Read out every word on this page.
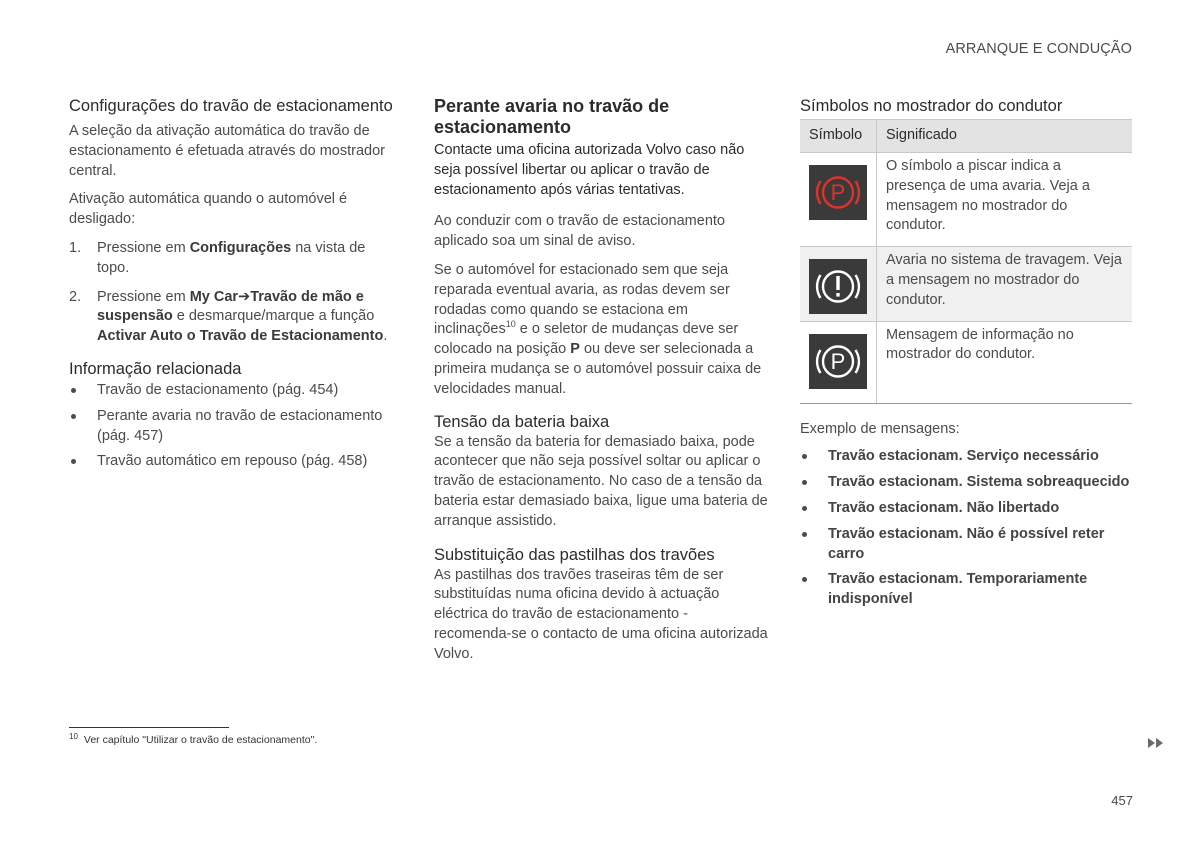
ARRANQUE E CONDUÇÃO
Configurações do travão de estacionamento

A seleção da ativação automática do travão de estacionamento é efetuada através do mostrador central.

Ativação automática quando o automóvel é desligado:

1. Pressione em Configurações na vista de topo.
2. Pressione em My Car➔Travão de mão e suspensão e desmarque/marque a função Activar Auto o Travão de Estacionamento.
Informação relacionada
Travão de estacionamento (pág. 454)
Perante avaria no travão de estacionamento (pág. 457)
Travão automático em repouso (pág. 458)
Perante avaria no travão de estacionamento

Contacte uma oficina autorizada Volvo caso não seja possível libertar ou aplicar o travão de estacionamento após várias tentativas.

Ao conduzir com o travão de estacionamento aplicado soa um sinal de aviso.

Se o automóvel for estacionado sem que seja reparada eventual avaria, as rodas devem ser rodadas como quando se estaciona em inclinações$^{10}$ e o seletor de mudanças deve ser colocado na posição P ou deve ser selecionada a primeira mudança se o automóvel possuir caixa de velocidades manual.

Tensão da bateria baixa

Se a tensão da bateria for demasiado baixa, pode acontecer que não seja possível soltar ou aplicar o travão de estacionamento. No caso de a tensão da bateria estar demasiado baixa, ligue uma bateria de arranque assistido.

Substituição das pastilhas dos travões

As pastilhas dos travões traseiras têm de ser substituídas numa oficina devido à actuação eléctrica do travão de estacionamento - recomenda-se o contacto de uma oficina autorizada Volvo.

Símbolos no mostrador do condutor
Símbolo	Significado

P	O símbolo a piscar indica a presença de uma avaria. Veja a mensagem no mostrador do condutor.

	Avaria no sistema de travagem. Veja a mensagem no mostrador do condutor.

P	Mensagem de informação no mostrador do condutor.

Exemplo de mensagens:

Travão estacionam. Serviço necessário
Travão estacionam. Sistema sobreaquecido
Travão estacionam. Não libertado
Travão estacionam. Não é possível reter carro
Travão estacionam. Temporariamente indisponível
$^{10}$ Ver capítulo "Utilizar o travão de estacionamento".
457
